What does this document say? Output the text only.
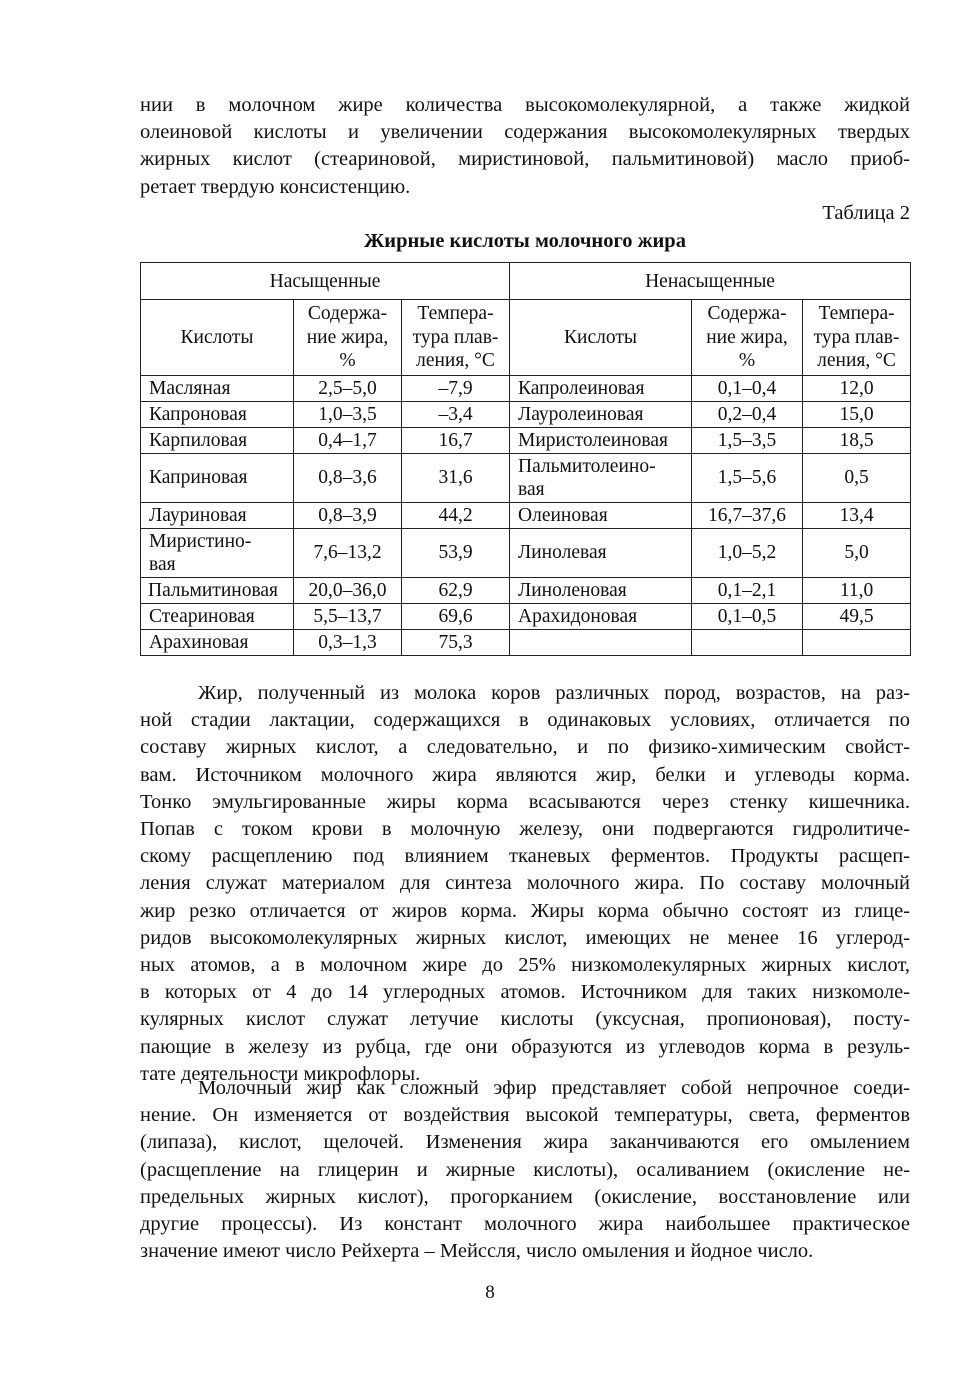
нии в молочном жире количества высокомолекулярной, а также жидкой
олеиновой кислоты и увеличении содержания высокомолекулярных твердых
жирных кислот (стеариновой, миристиновой, пальмитиновой) масло приоб-
ретает твердую консистенцию.

Таблица 2
Жирные кислоты молочного жира
Насыщенные			Ненасыщенные		
Кислоты	Содержа-
ние жира,
%	Темпера-
тура плав-
ления, °С	Кислоты	Содержа-
ние жира,
%	Темпера-
тура плав-
ления, °С
Масляная	2,5–5,0	–7,9	Капролеиновая	0,1–0,4	12,0
Капроновая	1,0–3,5	–3,4	Лауролеиновая	0,2–0,4	15,0
Карпиловая	0,4–1,7	16,7	Миристолеиновая	1,5–3,5	18,5
Каприновая	0,8–3,6	31,6	Пальмитолеино-
вая	1,5–5,6	0,5
Лауриновая	0,8–3,9	44,2	Олеиновая	16,7–37,6	13,4
Миристино-
вая	7,6–13,2	53,9	Линолевая	1,0–5,2	5,0
Пальмитиновая	20,0–36,0	62,9	Линоленовая	0,1–2,1	11,0
Стеариновая	5,5–13,7	69,6	Арахидоновая	0,1–0,5	49,5
Арахиновая	0,3–1,3	75,3			

Жир, полученный из молока коров различных пород, возрастов, на раз-
ной стадии лактации, содержащихся в одинаковых условиях, отличается по
составу жирных кислот, а следовательно, и по физико-химическим свойст-
вам. Источником молочного жира являются жир, белки и углеводы корма.
Тонко эмульгированные жиры корма всасываются через стенку кишечника.
Попав с током крови в молочную железу, они подвергаются гидролитиче-
скому расщеплению под влиянием тканевых ферментов. Продукты расщеп-
ления служат материалом для синтеза молочного жира. По составу молочный
жир резко отличается от жиров корма. Жиры корма обычно состоят из глице-
ридов высокомолекулярных жирных кислот, имеющих не менее 16 углерод-
ных атомов, а в молочном жире до 25% низкомолекулярных жирных кислот,
в которых от 4 до 14 углеродных атомов. Источником для таких низкомоле-
кулярных кислот служат летучие кислоты (уксусная, пропионовая), посту-
пающие в железу из рубца, где они образуются из углеводов корма в резуль-
тате деятельности микрофлоры.

Молочный жир как сложный эфир представляет собой непрочное соеди-
нение. Он изменяется от воздействия высокой температуры, света, ферментов
(липаза), кислот, щелочей. Изменения жира заканчиваются его омылением
(расщепление на глицерин и жирные кислоты), осаливанием (окисление не-
предельных жирных кислот), прогорканием (окисление, восстановление или
другие процессы). Из констант молочного жира наибольшее практическое
значение имеют число Рейхерта – Мейсcля, число омыления и йодное число.

8
